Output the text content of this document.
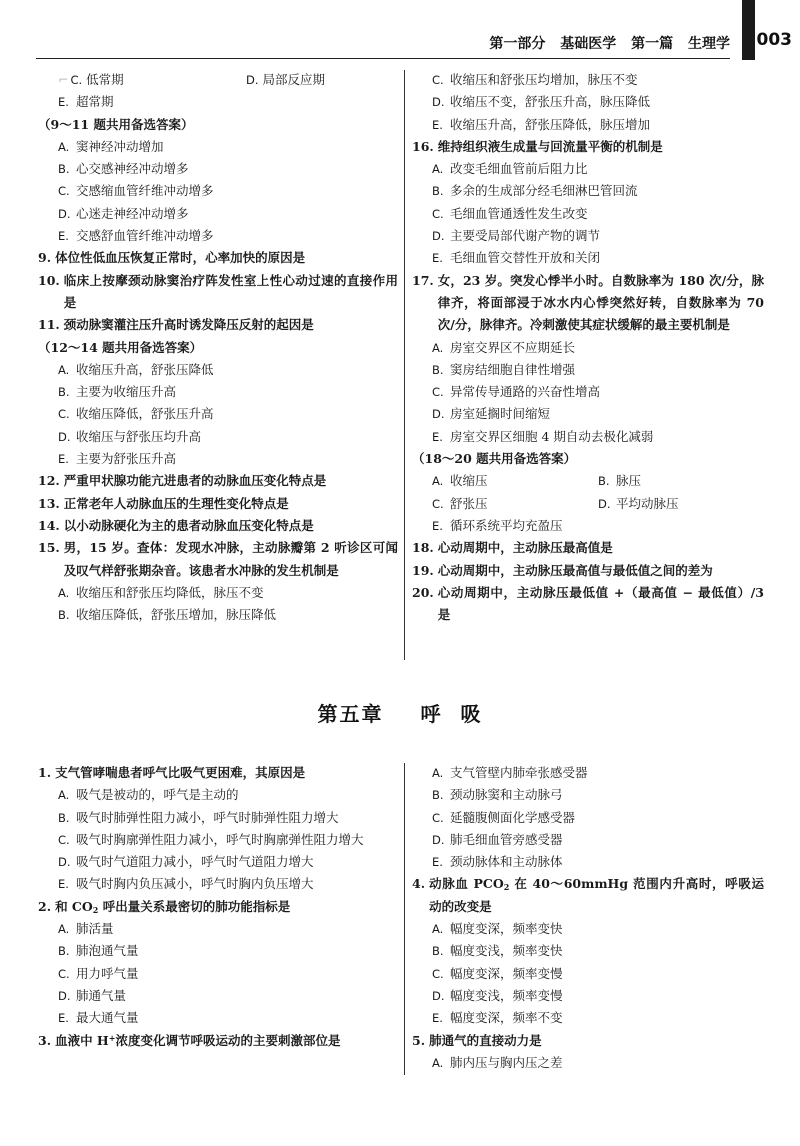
第一部分 基础医学 第一篇 生理学 003
⌐ C. 低常期	D. 局部反应期
E. 超常期
（9～11 题共用备选答案）
A. 窦神经冲动增加
B. 心交感神经冲动增多
C. 交感缩血管纤维冲动增多
D. 心迷走神经冲动增多
E. 交感舒血管纤维冲动增多
9. 体位性低血压恢复正常时，心率加快的原因是
10. 临床上按摩颈动脉窦治疗阵发性室上性心动过速的直接作用是
11. 颈动脉窦灌注压升高时诱发降压反射的起因是
（12～14 题共用备选答案）
A. 收缩压升高，舒张压降低
B. 主要为收缩压升高
C. 收缩压降低，舒张压升高
D. 收缩压与舒张压均升高
E. 主要为舒张压升高
12. 严重甲状腺功能亢进患者的动脉血压变化特点是
13. 正常老年人动脉血压的生理性变化特点是
14. 以小动脉硬化为主的患者动脉血压变化特点是
15. 男，15 岁。查体：发现水冲脉，主动脉瓣第 2 听诊区可闻及叹气样舒张期杂音。该患者水冲脉的发生机制是
A. 收缩压和舒张压均降低，脉压不变
B. 收缩压降低，舒张压增加，脉压降低
C. 收缩压和舒张压均增加，脉压不变
D. 收缩压不变，舒张压升高，脉压降低
E. 收缩压升高，舒张压降低，脉压增加
16. 维持组织液生成量与回流量平衡的机制是
A. 改变毛细血管前后阻力比
B. 多余的生成部分经毛细淋巴管回流
C. 毛细血管通透性发生改变
D. 主要受局部代谢产物的调节
E. 毛细血管交替性开放和关闭
17. 女，23 岁。突发心悸半小时。自数脉率为 180 次/分，脉律齐，将面部浸于冰水内心悸突然好转，自数脉率为 70 次/分，脉律齐。冷刺激使其症状缓解的最主要机制是
A. 房室交界区不应期延长
B. 窦房结细胞自律性增强
C. 异常传导通路的兴奋性增高
D. 房室延搁时间缩短
E. 房室交界区细胞 4 期自动去极化减弱
（18～20 题共用备选答案）
A. 收缩压	B. 脉压
C. 舒张压	D. 平均动脉压
E. 循环系统平均充盈压
18. 心动周期中，主动脉压最高值是
19. 心动周期中，主动脉压最高值与最低值之间的差为
20. 心动周期中，主动脉压最低值 +（最高值 − 最低值）/3 是
第五章 呼  吸
1. 支气管哮喘患者呼气比吸气更困难，其原因是
A. 吸气是被动的，呼气是主动的
B. 吸气时肺弹性阻力减小，呼气时肺弹性阻力增大
C. 吸气时胸廓弹性阻力减小，呼气时胸廓弹性阻力增大
D. 吸气时气道阻力减小，呼气时气道阻力增大
E. 吸气时胸内负压减小，呼气时胸内负压增大
2. 和 $CO_2$ 呼出量关系最密切的肺功能指标是
A. 肺活量
B. 肺泡通气量
C. 用力呼气量
D. 肺通气量
E. 最大通气量
3. 血液中 H+浓度变化调节呼吸运动的主要刺激部位是
A. 支气管壁内肺牵张感受器
B. 颈动脉窦和主动脉弓
C. 延髓腹侧面化学感受器
D. 肺毛细血管旁感受器
E. 颈动脉体和主动脉体
4. 动脉血 $PCO_2$ 在 40～60mmHg 范围内升高时，呼吸运动的改变是
A. 幅度变深，频率变快
B. 幅度变浅，频率变快
C. 幅度变深，频率变慢
D. 幅度变浅，频率变慢
E. 幅度变深，频率不变
5. 肺通气的直接动力是
A. 肺内压与胸内压之差
